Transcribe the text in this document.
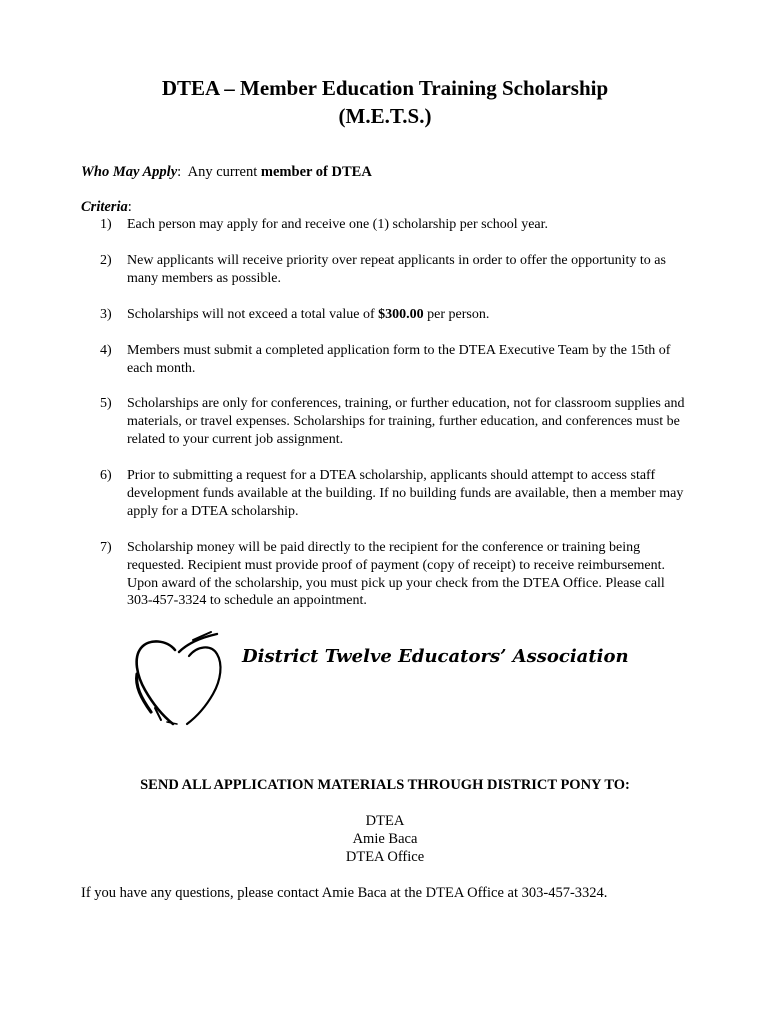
DTEA – Member Education Training Scholarship
(M.E.T.S.)
Who May Apply:  Any current member of DTEA
Criteria:
1) Each person may apply for and receive one (1) scholarship per school year.
2) New applicants will receive priority over repeat applicants in order to offer the opportunity to as many members as possible.
3) Scholarships will not exceed a total value of $300.00 per person.
4) Members must submit a completed application form to the DTEA Executive Team by the 15th of each month.
5) Scholarships are only for conferences, training, or further education, not for classroom supplies and materials, or travel expenses. Scholarships for training, further education, and conferences must be related to your current job assignment.
6) Prior to submitting a request for a DTEA scholarship, applicants should attempt to access staff development funds available at the building. If no building funds are available, then a member may apply for a DTEA scholarship.
7) Scholarship money will be paid directly to the recipient for the conference or training being requested. Recipient must provide proof of payment (copy of receipt) to receive reimbursement. Upon award of the scholarship, you must pick up your check from the DTEA Office. Please call 303-457-3324 to schedule an appointment.
District Twelve Educators’ Association
SEND ALL APPLICATION MATERIALS THROUGH DISTRICT PONY TO:
DTEA
Amie Baca
DTEA Office
If you have any questions, please contact Amie Baca at the DTEA Office at 303-457-3324.
